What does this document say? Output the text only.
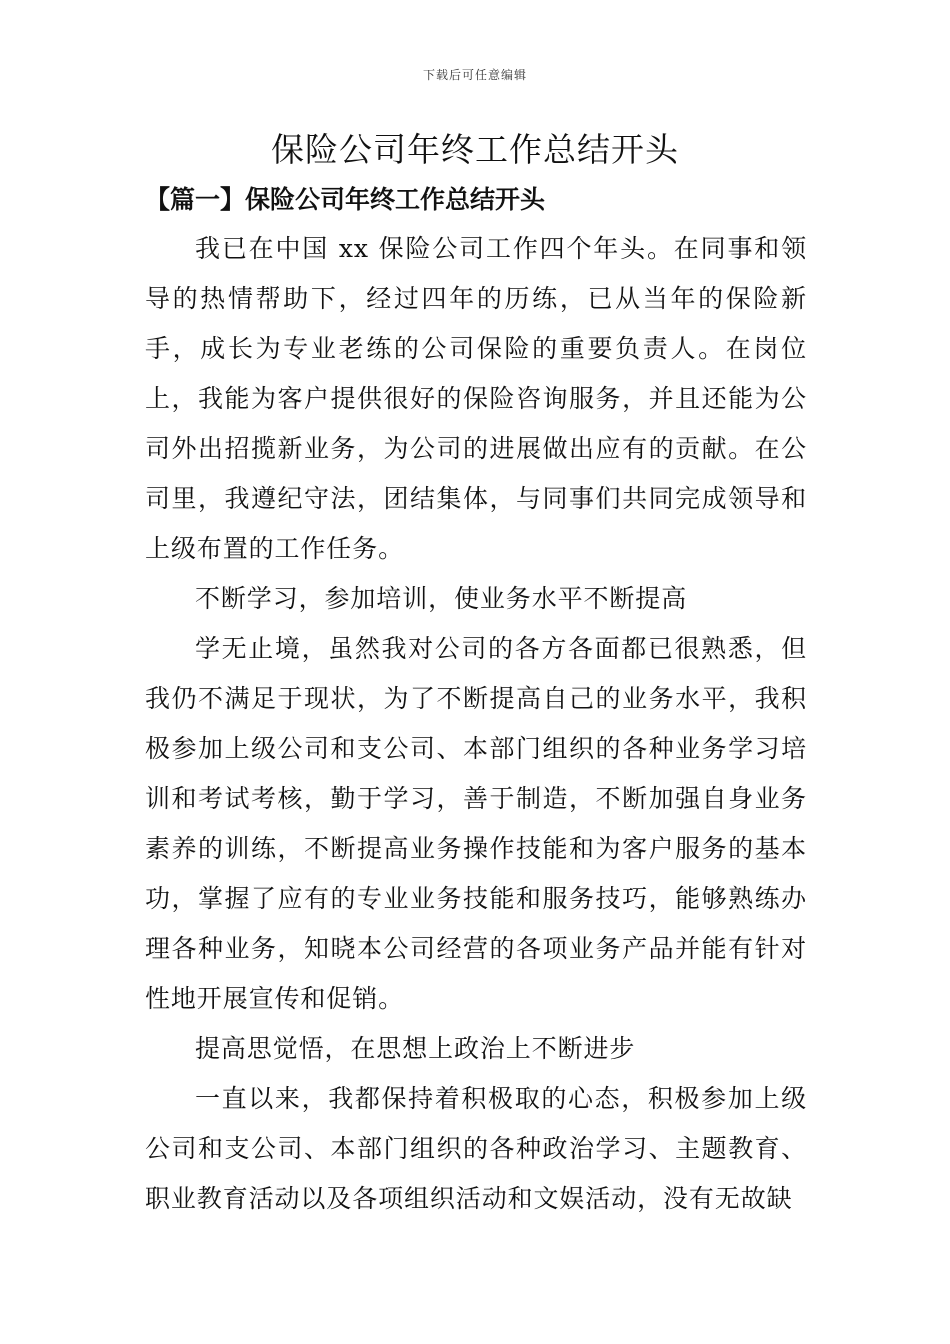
下载后可任意编辑
保险公司年终工作总结开头
【篇一】保险公司年终工作总结开头

我已在中国 xx 保险公司工作四个年头。在同事和领导的热情帮助下，经过四年的历练，已从当年的保险新手，成长为专业老练的公司保险的重要负责人。在岗位上，我能为客户提供很好的保险咨询服务，并且还能为公司外出招揽新业务，为公司的进展做出应有的贡献。在公司里，我遵纪守法，团结集体，与同事们共同完成领导和上级布置的工作任务。

不断学习，参加培训，使业务水平不断提高

学无止境，虽然我对公司的各方各面都已很熟悉，但我仍不满足于现状，为了不断提高自己的业务水平，我积极参加上级公司和支公司、本部门组织的各种业务学习培训和考试考核，勤于学习，善于制造，不断加强自身业务素养的训练，不断提高业务操作技能和为客户服务的基本功，掌握了应有的专业业务技能和服务技巧，能够熟练办理各种业务，知晓本公司经营的各项业务产品并能有针对性地开展宣传和促销。

提高思觉悟，在思想上政治上不断进步

一直以来，我都保持着积极取的心态，积极参加上级公司和支公司、本部门组织的各种政治学习、主题教育、职业教育活动以及各项组织活动和文娱活动，没有无故缺
